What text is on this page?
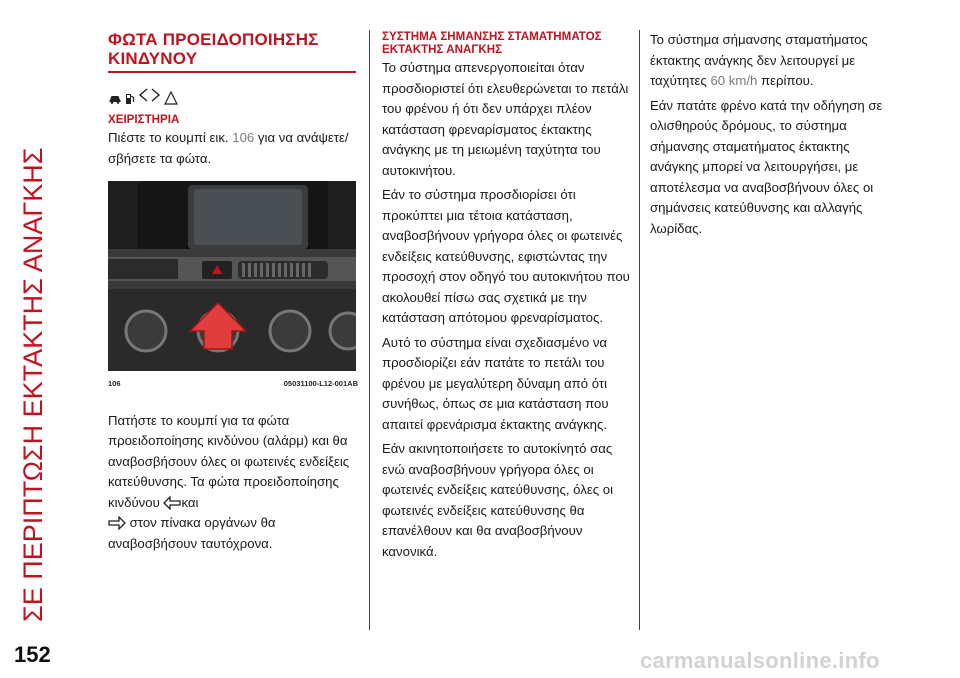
ΣΕ ΠΕΡΙΠΤΩΣΗ ΕΚΤΑΚΤΗΣ ΑΝΑΓΚΗΣ
ΦΩΤΑ ΠΡΟΕΙΔΟΠΟΙΗΣΗΣ ΚΙΝΔΥΝΟΥ
ΧΕΙΡΙΣΤΗΡΙΑ

Πιέστε το κουμπί εικ. 106 για να ανάψετε/σβήσετε τα φώτα.

106	05031100-L12-001AB

Πατήστε το κουμπί για τα φώτα προειδοποίησης κινδύνου (αλάρμ) και θα αναβοσβήσουν όλες οι φωτεινές ενδείξεις κατεύθυνσης. Τα φώτα προειδοποίησης κινδύνου και
στον πίνακα οργάνων θα αναβοσβήσουν ταυτόχρονα.

ΣΥΣΤΗΜΑ ΣΗΜΑΝΣΗΣ ΣΤΑΜΑΤΗΜΑΤΟΣ ΕΚΤΑΚΤΗΣ ΑΝΑΓΚΗΣ

Το σύστημα απενεργοποιείται όταν προσδιοριστεί ότι ελευθερώνεται το πετάλι του φρένου ή ότι δεν υπάρχει πλέον κατάσταση φρεναρίσματος έκτακτης ανάγκης με τη μειωμένη ταχύτητα του αυτοκινήτου.

Εάν το σύστημα προσδιορίσει ότι προκύπτει μια τέτοια κατάσταση, αναβοσβήνουν γρήγορα όλες οι φωτεινές ενδείξεις κατεύθυνσης, εφιστώντας την προσοχή στον οδηγό του αυτοκινήτου που ακολουθεί πίσω σας σχετικά με την κατάσταση απότομου φρεναρίσματος.

Αυτό το σύστημα είναι σχεδιασμένο να προσδιορίζει εάν πατάτε το πετάλι του φρένου με μεγαλύτερη δύναμη από ότι συνήθως, όπως σε μια κατάσταση που απαιτεί φρενάρισμα έκτακτης ανάγκης.

Εάν ακινητοποιήσετε το αυτοκίνητό σας ενώ αναβοσβήνουν γρήγορα όλες οι φωτεινές ενδείξεις κατεύθυνσης, όλες οι φωτεινές ενδείξεις κατεύθυνσης θα επανέλθουν και θα αναβοσβήνουν κανονικά.

Το σύστημα σήμανσης σταματήματος έκτακτης ανάγκης δεν λειτουργεί με ταχύτητες 60 km/h περίπου.

Εάν πατάτε φρένο κατά την οδήγηση σε ολισθηρούς δρόμους, το σύστημα σήμανσης σταματήματος έκτακτης ανάγκης μπορεί να λειτουργήσει, με αποτέλεσμα να αναβοσβήνουν όλες οι σημάνσεις κατεύθυνσης και αλλαγής λωρίδας.

152	carmanualsonline.info
